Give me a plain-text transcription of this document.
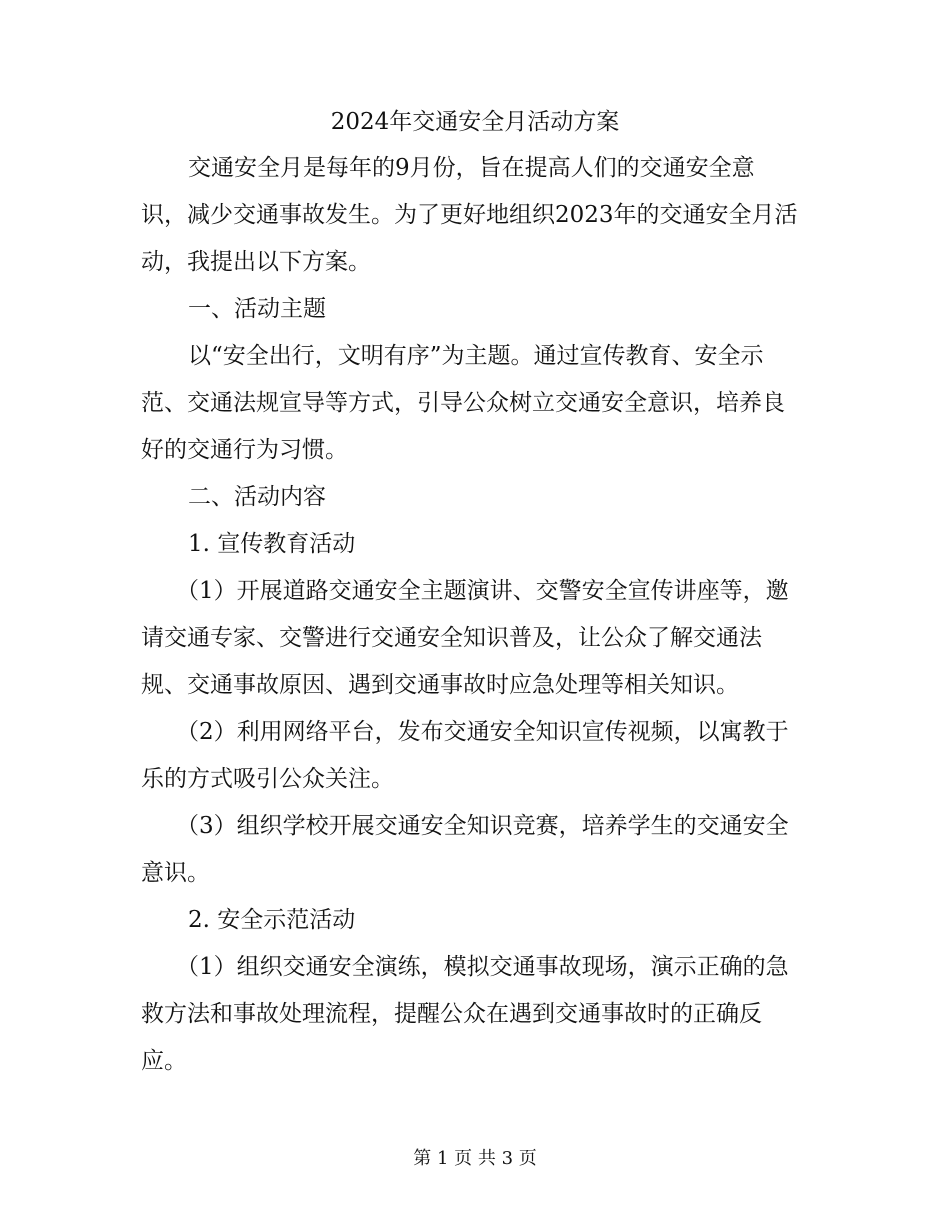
2024年交通安全月活动方案
交通安全月是每年的9月份，旨在提高人们的交通安全意
识，减少交通事故发生。为了更好地组织2023年的交通安全月活
动，我提出以下方案。
一、活动主题
以“安全出行，文明有序”为主题。通过宣传教育、安全示
范、交通法规宣导等方式，引导公众树立交通安全意识，培养良
好的交通行为习惯。
二、活动内容
1. 宣传教育活动
（1）开展道路交通安全主题演讲、交警安全宣传讲座等，邀
请交通专家、交警进行交通安全知识普及，让公众了解交通法
规、交通事故原因、遇到交通事故时应急处理等相关知识。
（2）利用网络平台，发布交通安全知识宣传视频，以寓教于
乐的方式吸引公众关注。
（3）组织学校开展交通安全知识竞赛，培养学生的交通安全
意识。
2. 安全示范活动
（1）组织交通安全演练，模拟交通事故现场，演示正确的急
救方法和事故处理流程，提醒公众在遇到交通事故时的正确反
应。
第 1 页 共 3 页
